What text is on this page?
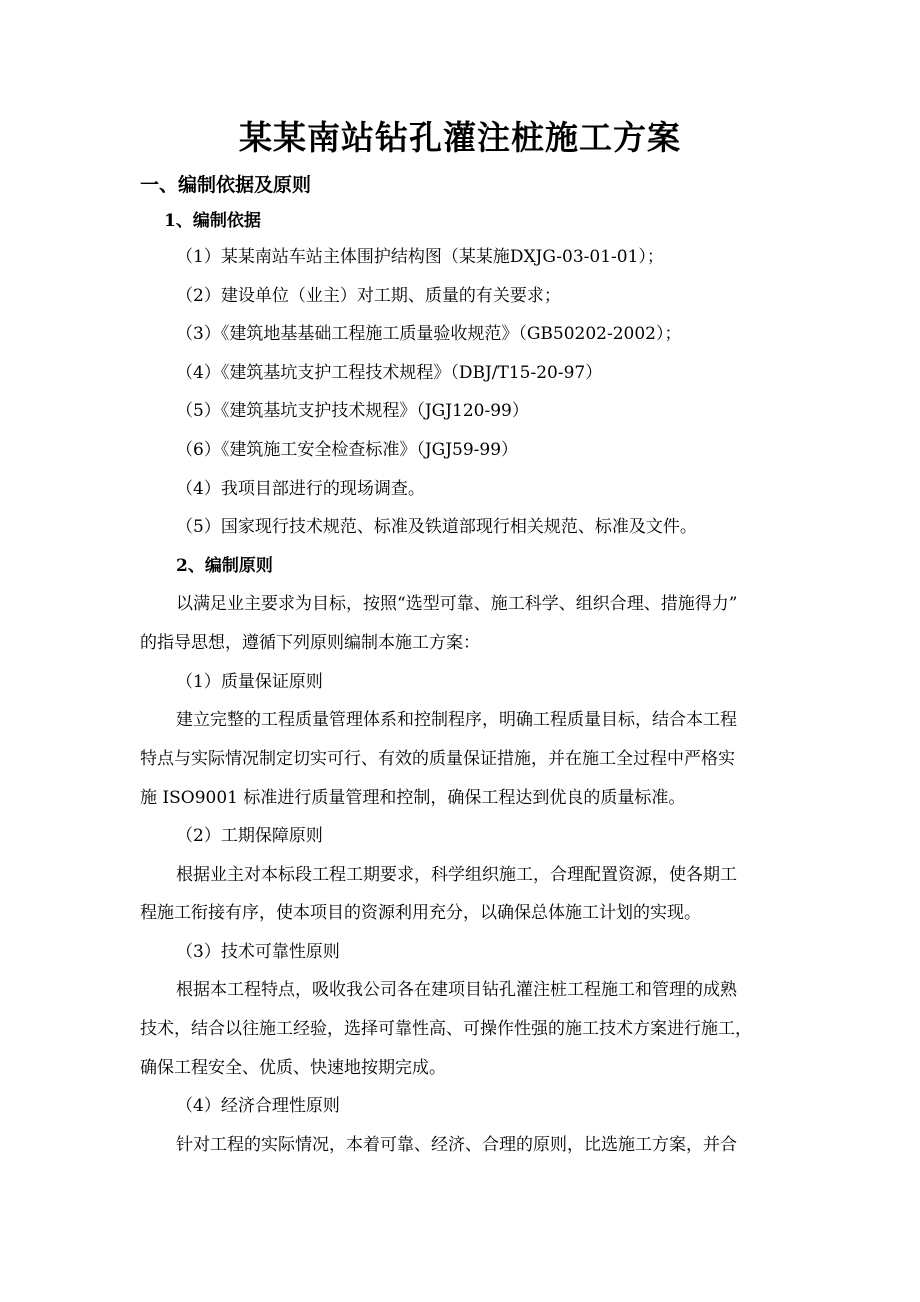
某某南站钻孔灌注桩施工方案
一、编制依据及原则
1、编制依据
（1）某某南站车站主体围护结构图（某某施DXJG-03-01-01）；
（2）建设单位（业主）对工期、质量的有关要求；
（3）《建筑地基基础工程施工质量验收规范》（GB50202-2002）；
（4）《建筑基坑支护工程技术规程》（DBJ/T15-20-97）
（5）《建筑基坑支护技术规程》（JGJ120-99）
（6）《建筑施工安全检查标准》（JGJ59-99）
（4）我项目部进行的现场调查。
（5）国家现行技术规范、标准及铁道部现行相关规范、标准及文件。
2、编制原则
以满足业主要求为目标，按照“选型可靠、施工科学、组织合理、措施得力”
的指导思想，遵循下列原则编制本施工方案：
（1）质量保证原则
建立完整的工程质量管理体系和控制程序，明确工程质量目标，结合本工程
特点与实际情况制定切实可行、有效的质量保证措施，并在施工全过程中严格实
施 ISO9001 标准进行质量管理和控制，确保工程达到优良的质量标准。
（2）工期保障原则
根据业主对本标段工程工期要求，科学组织施工，合理配置资源，使各期工
程施工衔接有序，使本项目的资源利用充分，以确保总体施工计划的实现。
（3）技术可靠性原则
根据本工程特点，吸收我公司各在建项目钻孔灌注桩工程施工和管理的成熟
技术，结合以往施工经验，选择可靠性高、可操作性强的施工技术方案进行施工，
确保工程安全、优质、快速地按期完成。
（4）经济合理性原则
针对工程的实际情况，本着可靠、经济、合理的原则，比选施工方案，并合
